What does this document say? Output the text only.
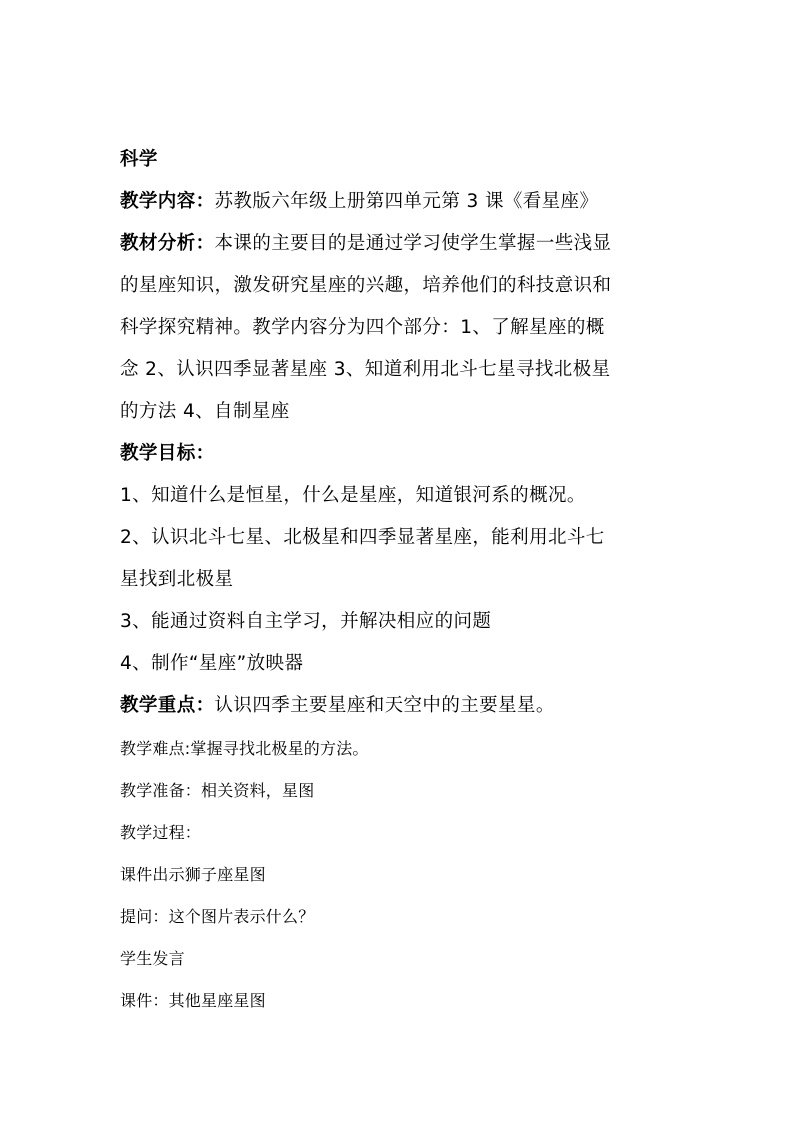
科学
教学内容：苏教版六年级上册第四单元第 3 课《看星座》
教材分析：本课的主要目的是通过学习使学生掌握一些浅显
的星座知识，激发研究星座的兴趣，培养他们的科技意识和
科学探究精神。教学内容分为四个部分：1、了解星座的概
念 2、认识四季显著星座 3、知道利用北斗七星寻找北极星
的方法 4、自制星座
教学目标：
1、知道什么是恒星，什么是星座，知道银河系的概况。
2、认识北斗七星、北极星和四季显著星座，能利用北斗七
星找到北极星
3、能通过资料自主学习，并解决相应的问题
4、制作“星座”放映器
教学重点：认识四季主要星座和天空中的主要星星。
教学难点:掌握寻找北极星的方法。
教学准备：相关资料，星图
教学过程：
课件出示狮子座星图
提问：这个图片表示什么？
学生发言
课件：其他星座星图
